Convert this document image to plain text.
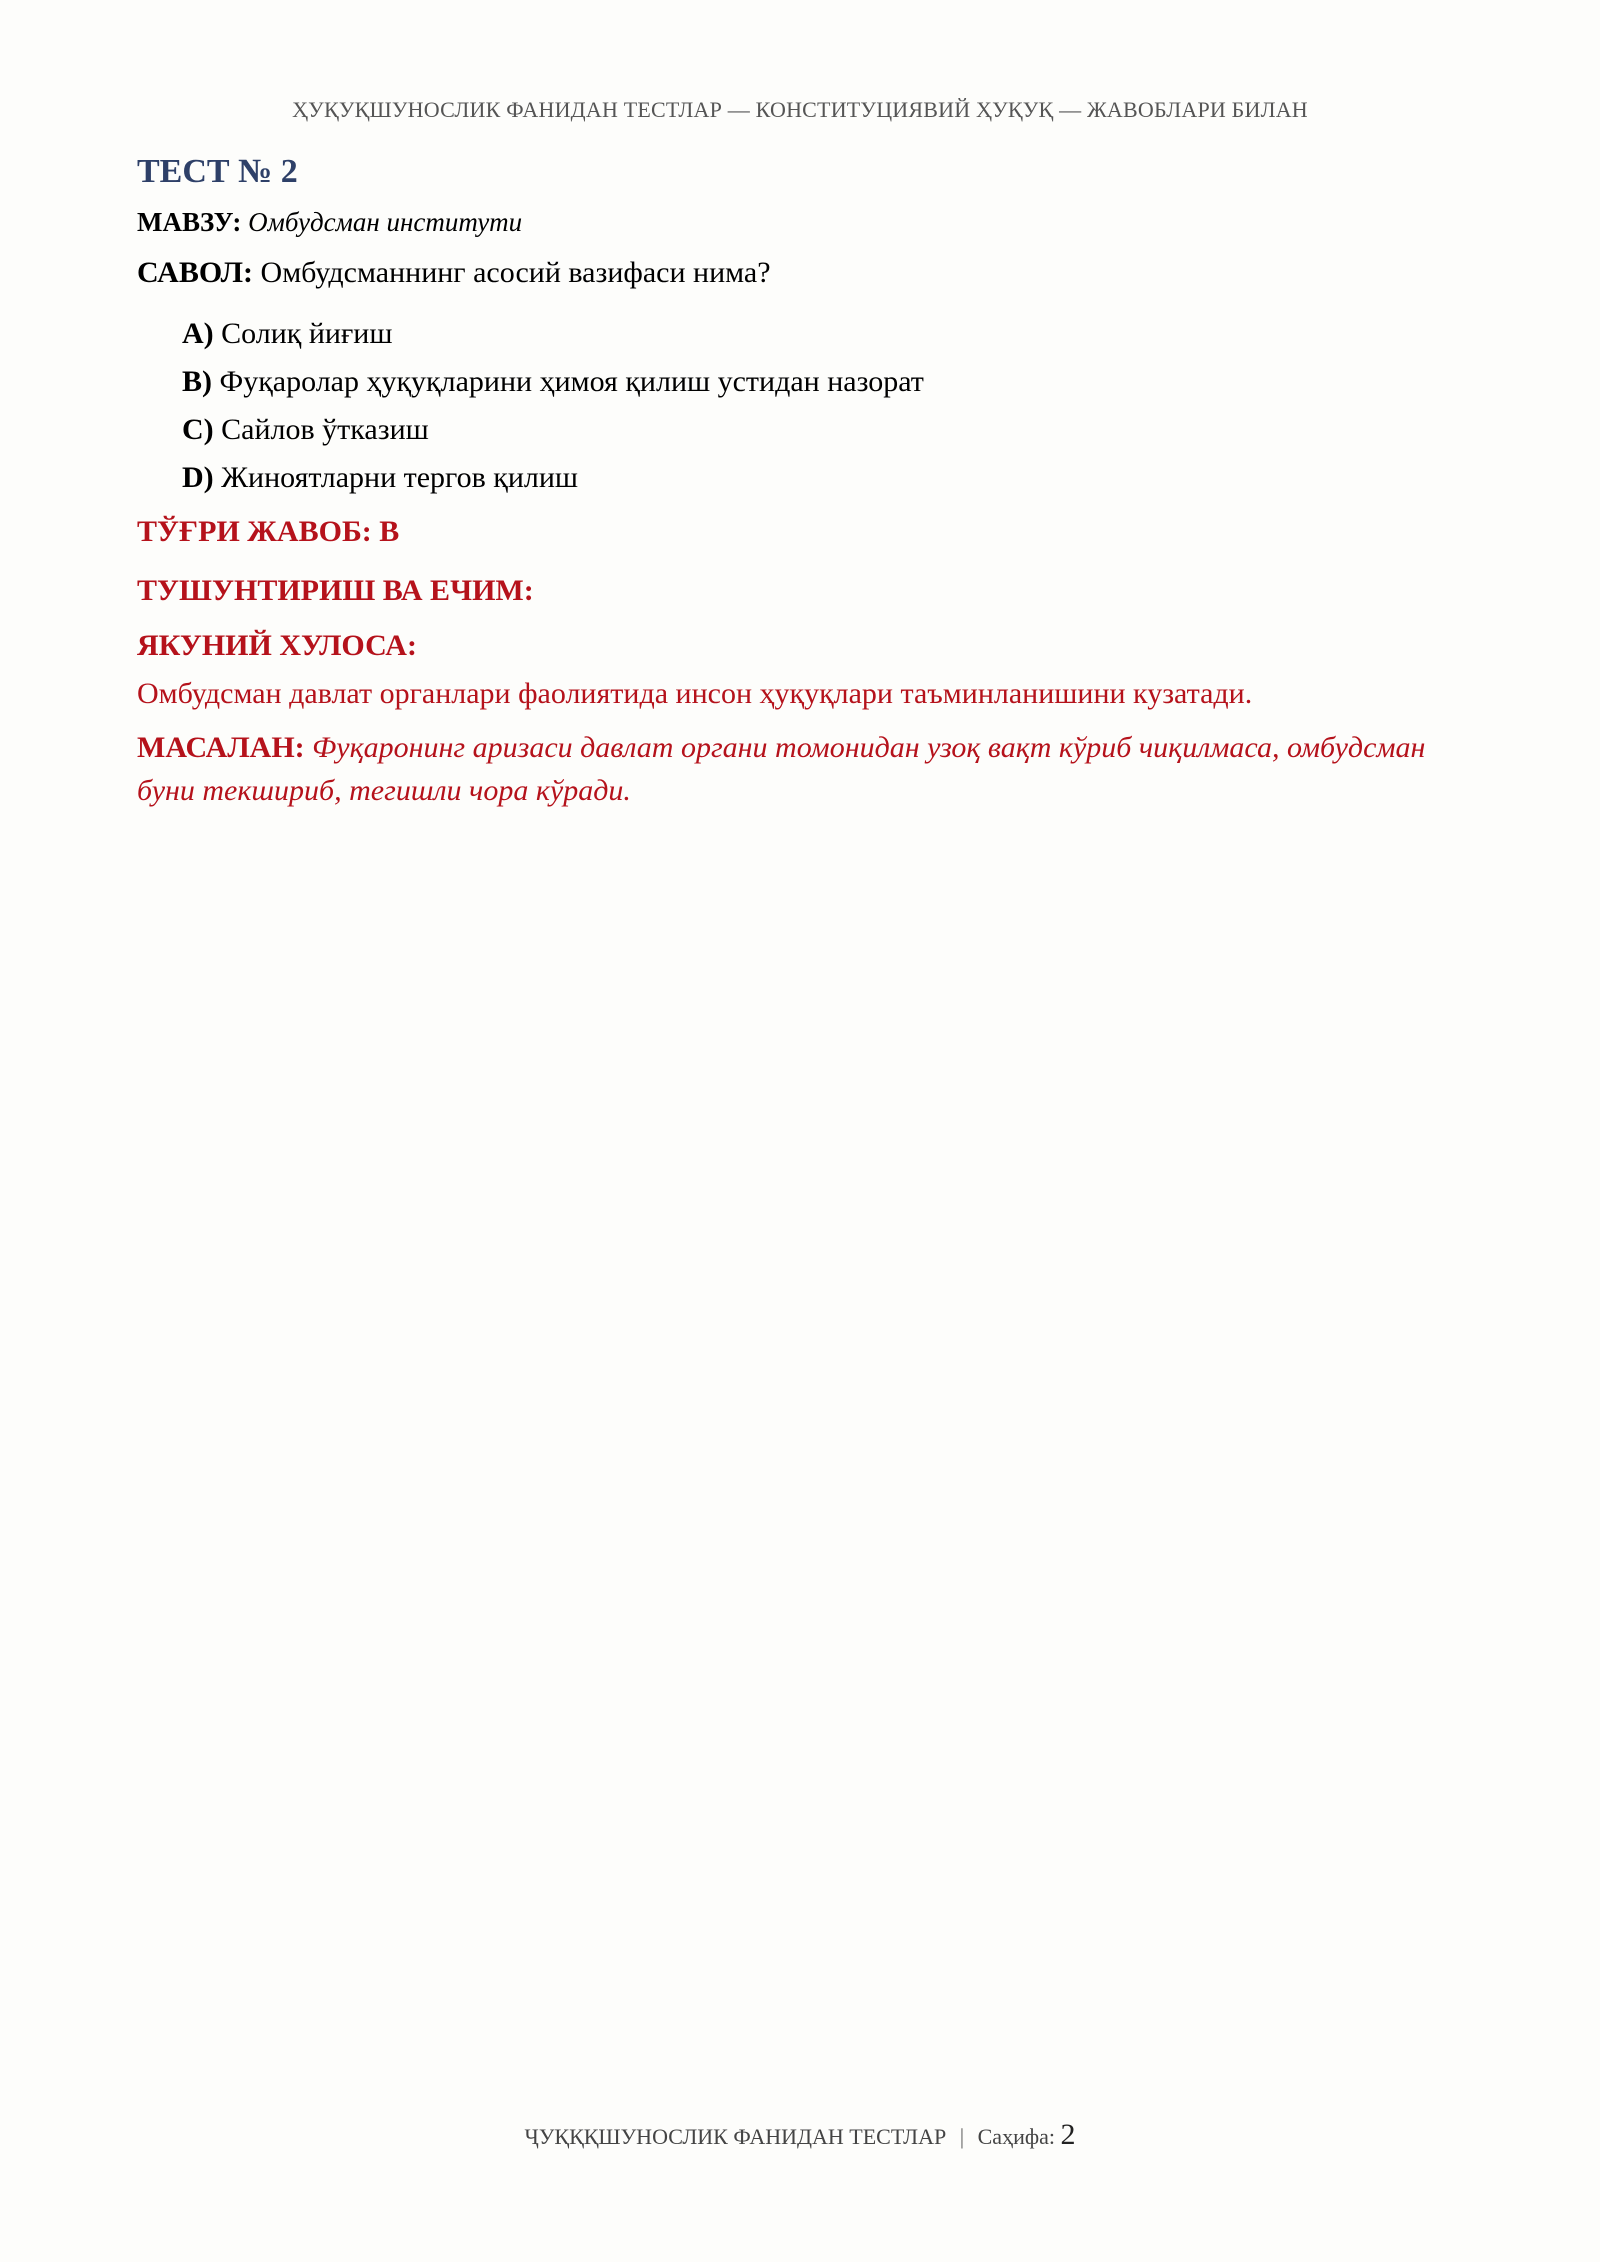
ҲУҚУҚШУНОСЛИК ФАНИДАН ТЕСТЛАР — КОНСТИТУЦИЯВИЙ ҲУҚУҚ — ЖАВОБЛАРИ БИЛАН
ТЕСТ № 2
МАВЗУ: Омбудсман институти
САВОЛ: Омбудсманнинг асосий вазифаси нима?
A) Солиқ йиғиш
B) Фуқаролар ҳуқуқларини ҳимоя қилиш устидан назорат
C) Сайлов ўтказиш
D) Жиноятларни тергов қилиш
ТЎҒРИ ЖАВОБ: B
ТУШУНТИРИШ ВА ЕЧИМ:
ЯКУНИЙ ХУЛОСА:
Омбудсман давлат органлари фаолиятида инсон ҳуқуқлари таъминланишини кузатади.
МАСАЛАН: Фуқаронинг аризаси давлат органи томонидан узоқ вақт кўриб чиқилмаса, омбудсман буни текшириб, тегишли чора кўради.
ҶУҚҚҚШУНОСЛИК ФАНИДАН ТЕСТЛАР | Саҳифа: 2
